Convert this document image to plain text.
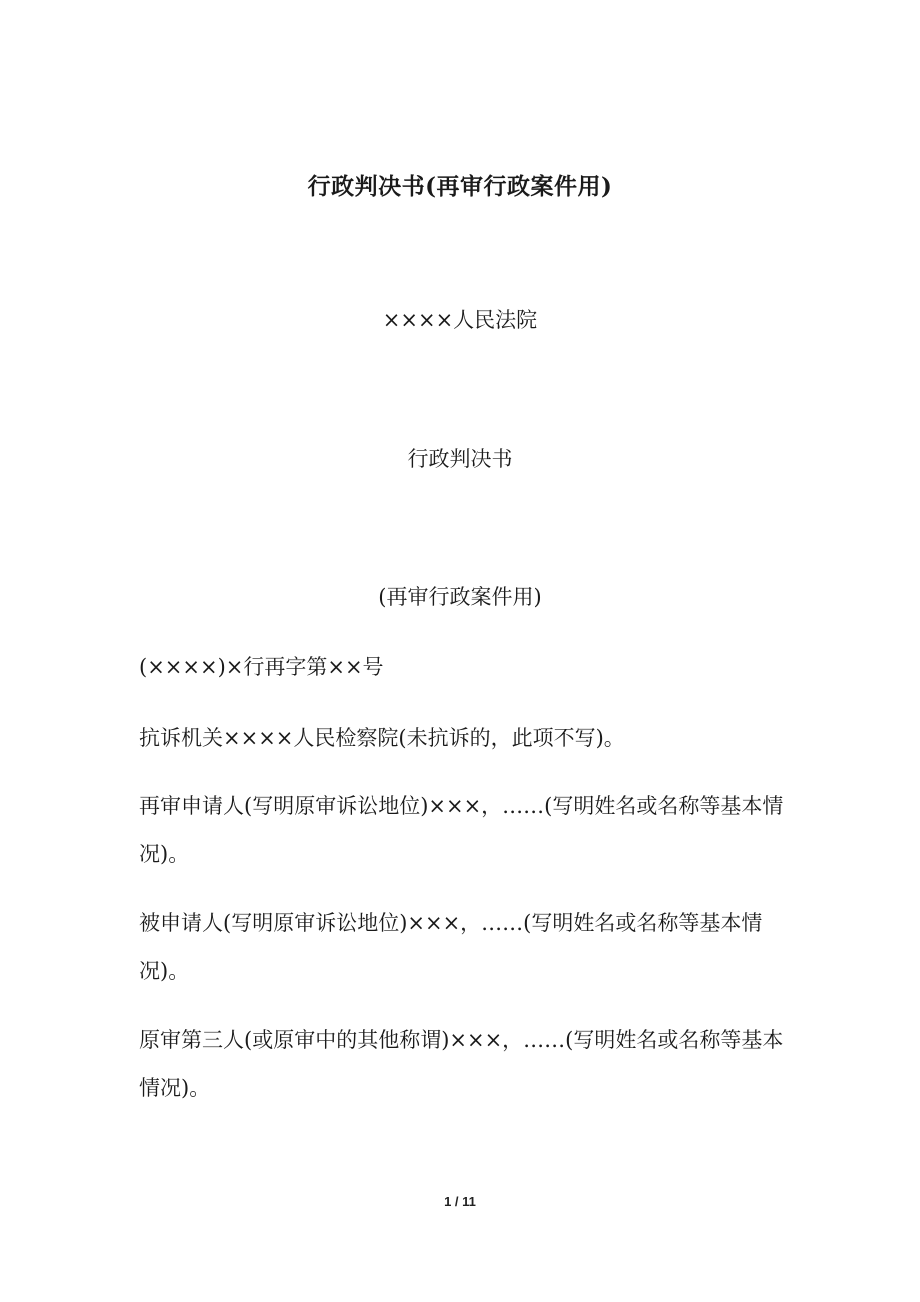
行政判决书(再审行政案件用)
××××人民法院
行政判决书
(再审行政案件用)
(××××)×行再字第××号
抗诉机关××××人民检察院(未抗诉的，此项不写)。
再审申请人(写明原审诉讼地位)×××，……(写明姓名或名称等基本情况)。
被申请人(写明原审诉讼地位)×××，……(写明姓名或名称等基本情况)。
原审第三人(或原审中的其他称谓)×××，……(写明姓名或名称等基本情况)。
1 / 11
